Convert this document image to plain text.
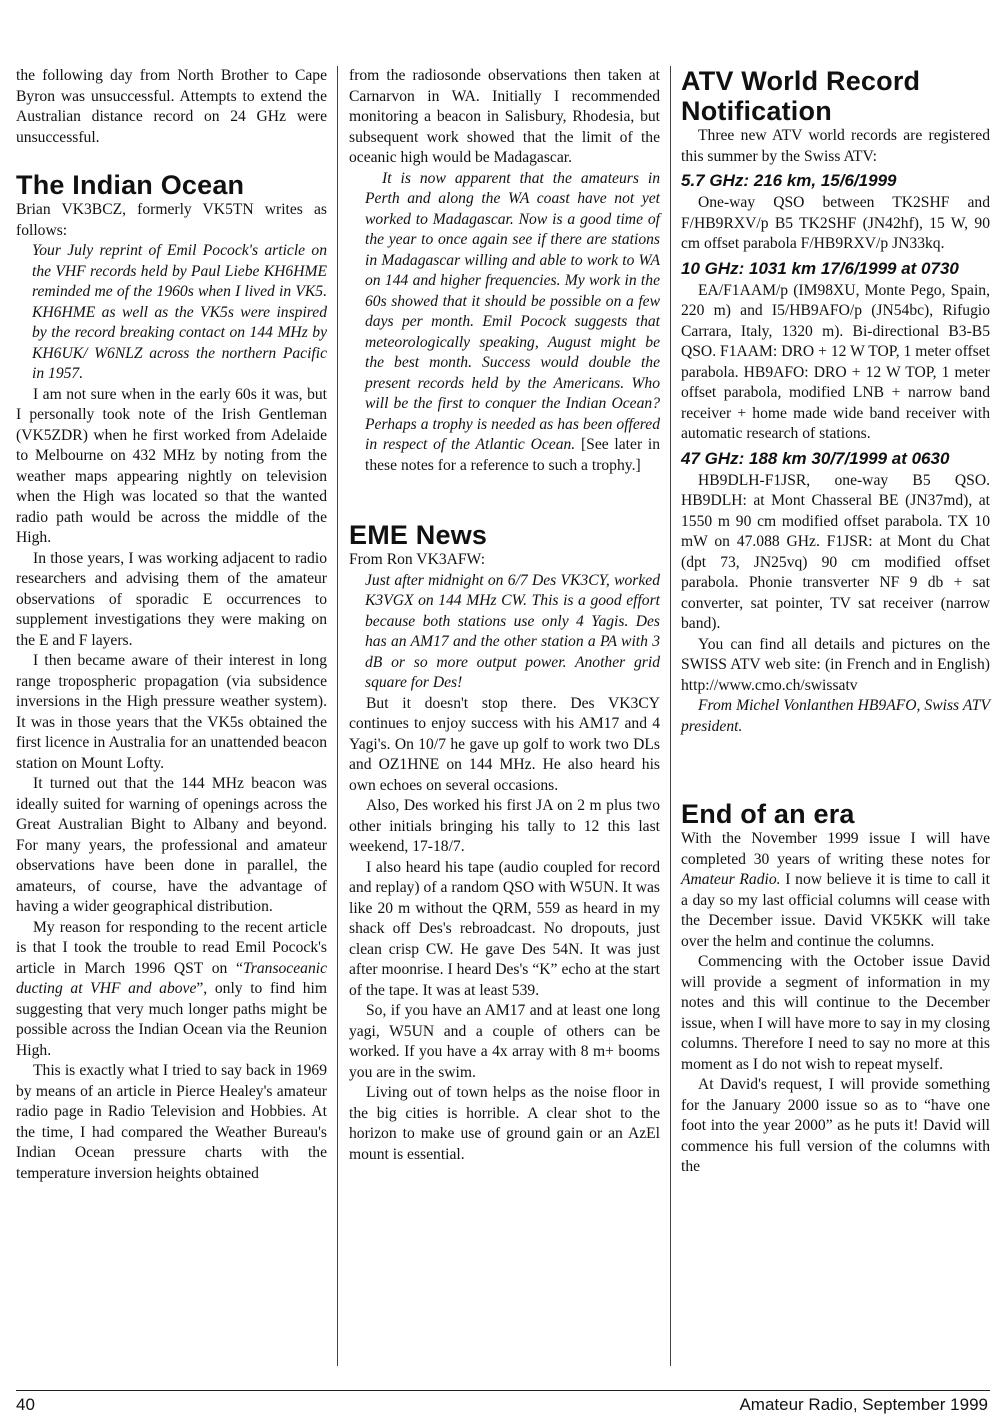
the following day from North Brother to Cape Byron was unsuccessful. Attempts to extend the Australian distance record on 24 GHz were unsuccessful.

The Indian Ocean

Brian VK3BCZ, formerly VK5TN writes as follows:

Your July reprint of Emil Pocock's article on the VHF records held by Paul Liebe KH6HME reminded me of the 1960s when I lived in VK5. KH6HME as well as the VK5s were inspired by the record breaking contact on 144 MHz by KH6UK/ W6NLZ across the northern Pacific in 1957.

I am not sure when in the early 60s it was, but I personally took note of the Irish Gentleman (VK5ZDR) when he first worked from Adelaide to Melbourne on 432 MHz by noting from the weather maps appearing nightly on television when the High was located so that the wanted radio path would be across the middle of the High.

In those years, I was working adjacent to radio researchers and advising them of the amateur observations of sporadic E occurrences to supplement investigations they were making on the E and F layers.

I then became aware of their interest in long range tropospheric propagation (via subsidence inversions in the High pressure weather system). It was in those years that the VK5s obtained the first licence in Australia for an unattended beacon station on Mount Lofty.

It turned out that the 144 MHz beacon was ideally suited for warning of openings across the Great Australian Bight to Albany and beyond. For many years, the professional and amateur observations have been done in parallel, the amateurs, of course, have the advantage of having a wider geographical distribution.

My reason for responding to the recent article is that I took the trouble to read Emil Pocock's article in March 1996 QST on “Transoceanic ducting at VHF and above”, only to find him suggesting that very much longer paths might be possible across the Indian Ocean via the Reunion High.

This is exactly what I tried to say back in 1969 by means of an article in Pierce Healey's amateur radio page in Radio Television and Hobbies. At the time, I had compared the Weather Bureau's Indian Ocean pressure charts with the temperature inversion heights obtained

from the radiosonde observations then taken at Carnarvon in WA. Initially I recommended monitoring a beacon in Salisbury, Rhodesia, but subsequent work showed that the limit of the oceanic high would be Madagascar.

It is now apparent that the amateurs in Perth and along the WA coast have not yet worked to Madagascar. Now is a good time of the year to once again see if there are stations in Madagascar willing and able to work to WA on 144 and higher frequencies. My work in the 60s showed that it should be possible on a few days per month. Emil Pocock suggests that meteorologically speaking, August might be the best month. Success would double the present records held by the Americans. Who will be the first to conquer the Indian Ocean? Perhaps a trophy is needed as has been offered in respect of the Atlantic Ocean. [See later in these notes for a reference to such a trophy.]

EME News

From Ron VK3AFW:

Just after midnight on 6/7 Des VK3CY, worked K3VGX on 144 MHz CW. This is a good effort because both stations use only 4 Yagis. Des has an AM17 and the other station a PA with 3 dB or so more output power. Another grid square for Des!

But it doesn't stop there. Des VK3CY continues to enjoy success with his AM17 and 4 Yagi's. On 10/7 he gave up golf to work two DLs and OZ1HNE on 144 MHz. He also heard his own echoes on several occasions.

Also, Des worked his first JA on 2 m plus two other initials bringing his tally to 12 this last weekend, 17-18/7.

I also heard his tape (audio coupled for record and replay) of a random QSO with W5UN. It was like 20 m without the QRM, 559 as heard in my shack off Des's rebroadcast. No dropouts, just clean crisp CW. He gave Des 54N. It was just after moonrise. I heard Des's “K” echo at the start of the tape. It was at least 539.

So, if you have an AM17 and at least one long yagi, W5UN and a couple of others can be worked. If you have a 4x array with 8 m+ booms you are in the swim.

Living out of town helps as the noise floor in the big cities is horrible. A clear shot to the horizon to make use of ground gain or an AzEl mount is essential.

ATV World Record Notification

Three new ATV world records are registered this summer by the Swiss ATV:

5.7 GHz: 216 km, 15/6/1999

One-way QSO between TK2SHF and F/HB9RXV/p B5 TK2SHF (JN42hf), 15 W, 90 cm offset parabola F/HB9RXV/p JN33kq.

10 GHz: 1031 km 17/6/1999 at 0730

EA/F1AAM/p (IM98XU, Monte Pego, Spain, 220 m) and I5/HB9AFO/p (JN54bc), Rifugio Carrara, Italy, 1320 m). Bi-directional B3-B5 QSO. F1AAM: DRO + 12 W TOP, 1 meter offset parabola. HB9AFO: DRO + 12 W TOP, 1 meter offset parabola, modified LNB + narrow band receiver + home made wide band receiver with automatic research of stations.

47 GHz: 188 km 30/7/1999 at 0630

HB9DLH-F1JSR, one-way B5 QSO. HB9DLH: at Mont Chasseral BE (JN37md), at 1550 m 90 cm modified offset parabola. TX 10 mW on 47.088 GHz. F1JSR: at Mont du Chat (dpt 73, JN25vq) 90 cm modified offset parabola. Phonie transverter NF 9 db + sat converter, sat pointer, TV sat receiver (narrow band).

You can find all details and pictures on the SWISS ATV web site: (in French and in English) http://www.cmo.ch/swissatv

From Michel Vonlanthen HB9AFO, Swiss ATV president.

End of an era

With the November 1999 issue I will have completed 30 years of writing these notes for Amateur Radio. I now believe it is time to call it a day so my last official columns will cease with the December issue. David VK5KK will take over the helm and continue the columns.

Commencing with the October issue David will provide a segment of information in my notes and this will continue to the December issue, when I will have more to say in my closing columns. Therefore I need to say no more at this moment as I do not wish to repeat myself.

At David's request, I will provide something for the January 2000 issue so as to “have one foot into the year 2000” as he puts it! David will commence his full version of the columns with the

40	Amateur Radio, September 1999
